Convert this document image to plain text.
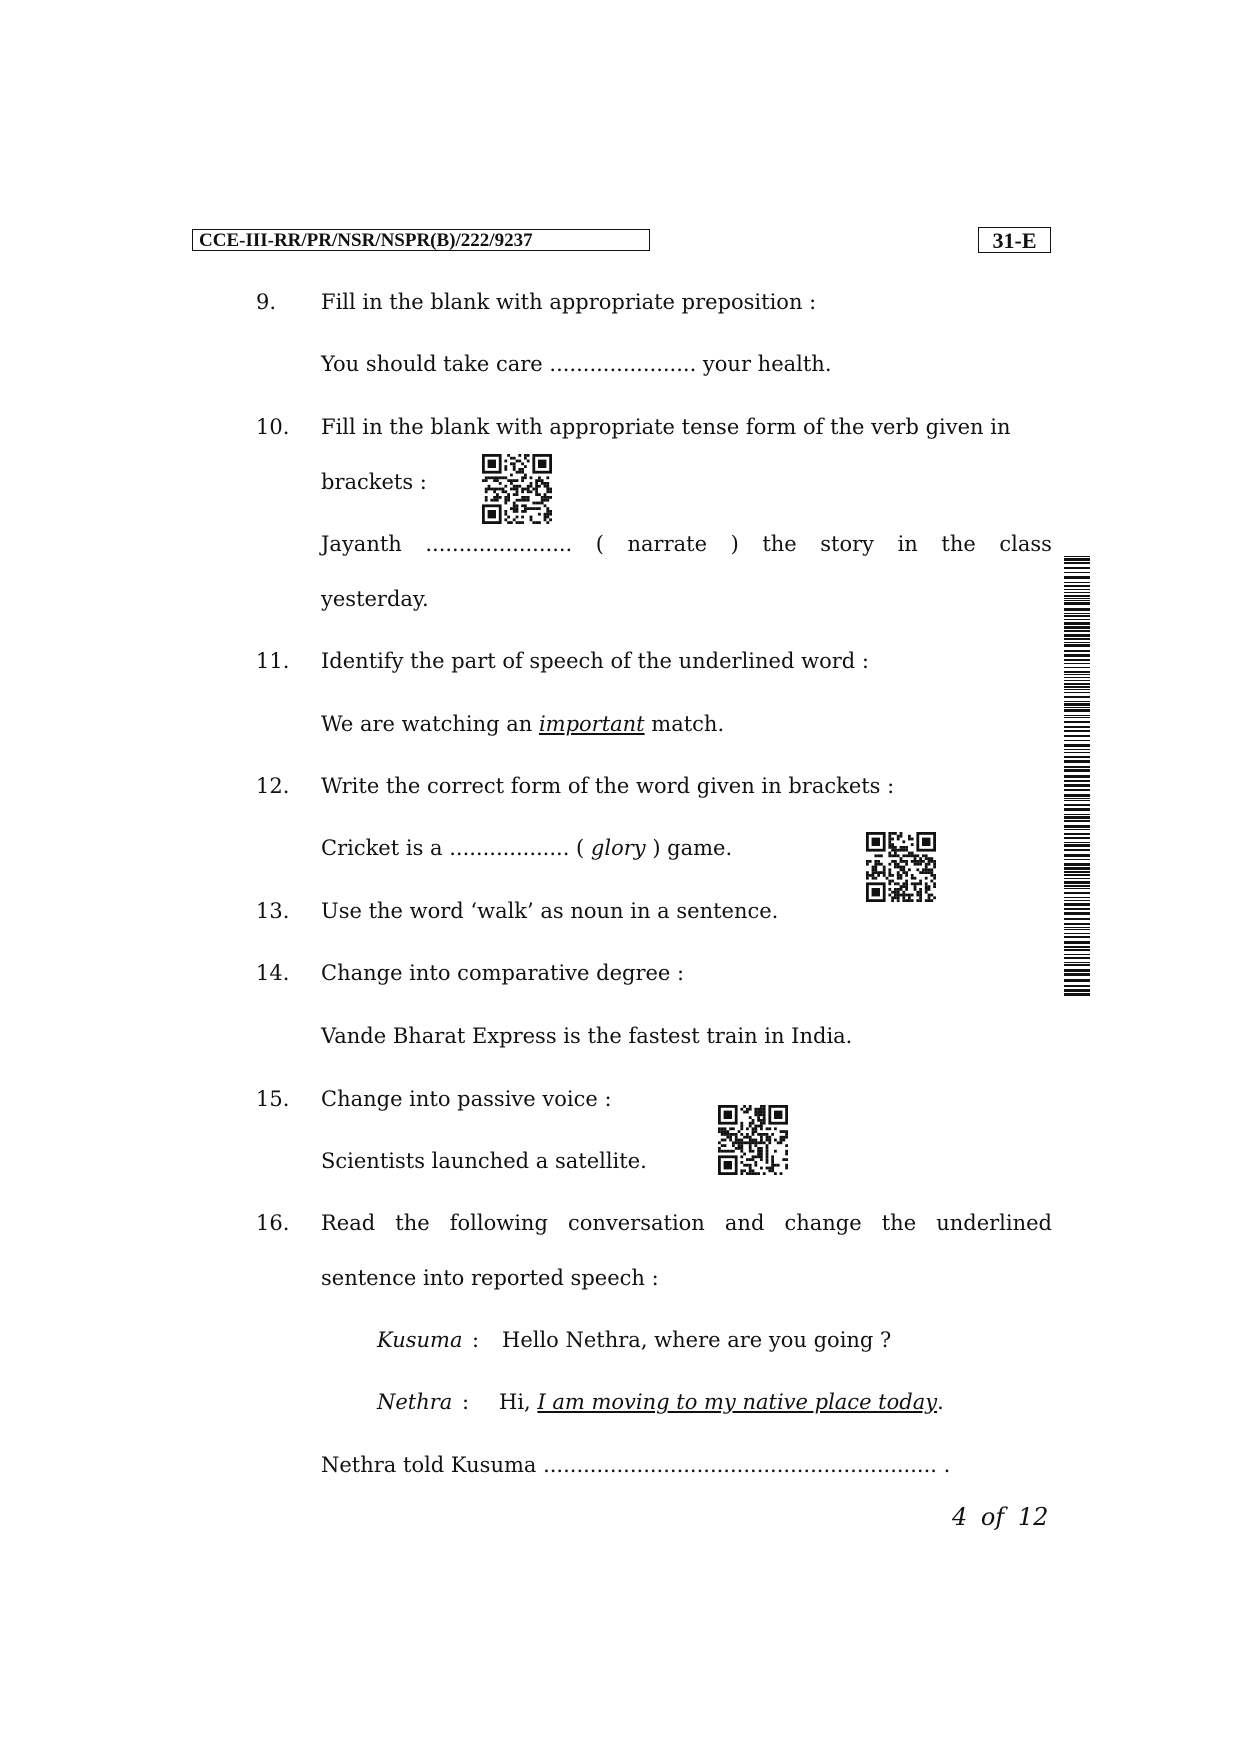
CCE-III-RR/PR/NSR/NSPR(B)/222/9237	31-E
9. Fill in the blank with appropriate preposition :
You should take care ...................... your health.
10. Fill in the blank with appropriate tense form of the verb given in
brackets :
Jayanth ...................... ( narrate ) the story in the class
yesterday.
11. Identify the part of speech of the underlined word :
We are watching an important match.
12. Write the correct form of the word given in brackets :
Cricket is a .................. ( glory ) game.
13. Use the word ‘walk’ as noun in a sentence.
14. Change into comparative degree :
Vande Bharat Express is the fastest train in India.
15. Change into passive voice :
Scientists launched a satellite.
16. Read the following conversation and change the underlined
sentence into reported speech :
Kusuma : Hello Nethra, where are you going ?
Nethra : Hi, I am moving to my native place today.
Nethra told Kusuma ........................................................... .
4 of 12
